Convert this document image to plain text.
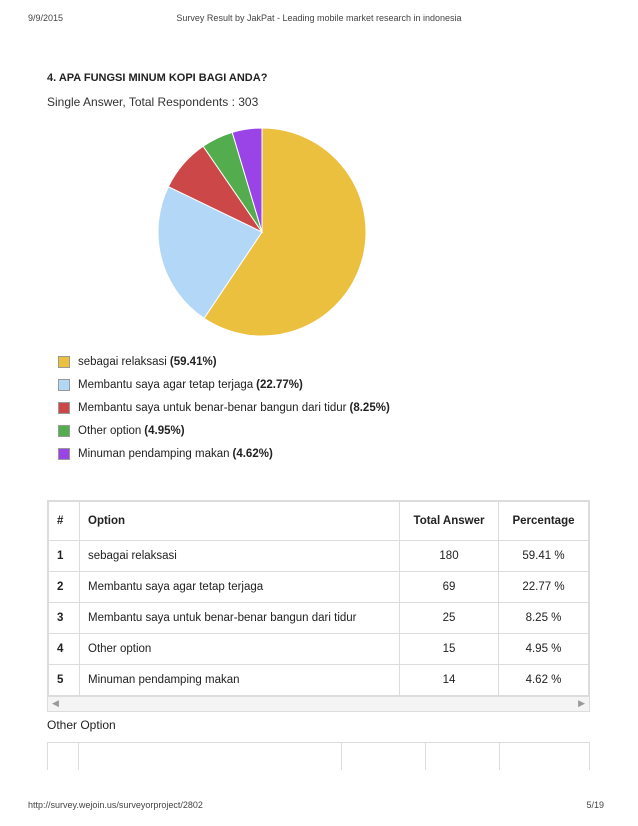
9/9/2015	Survey Result by JakPat - Leading mobile market research in indonesia
4. APA FUNGSI MINUM KOPI BAGI ANDA?
Single Answer, Total Respondents : 303
sebagai relaksasi (59.41%)
Membantu saya agar tetap terjaga (22.77%)
Membantu saya untuk benar-benar bangun dari tidur (8.25%)
Other option (4.95%)
Minuman pendamping makan (4.62%)
#	Option	Total Answer	Percentage
1	sebagai relaksasi	180	59.41 %
2	Membantu saya agar tetap terjaga	69	22.77 %
3	Membantu saya untuk benar-benar bangun dari tidur	25	8.25 %
4	Other option	15	4.95 %
5	Minuman pendamping makan	14	4.62 %
◀	▶
Other Option
http://survey.wejoin.us/surveyorproject/2802	5/19
